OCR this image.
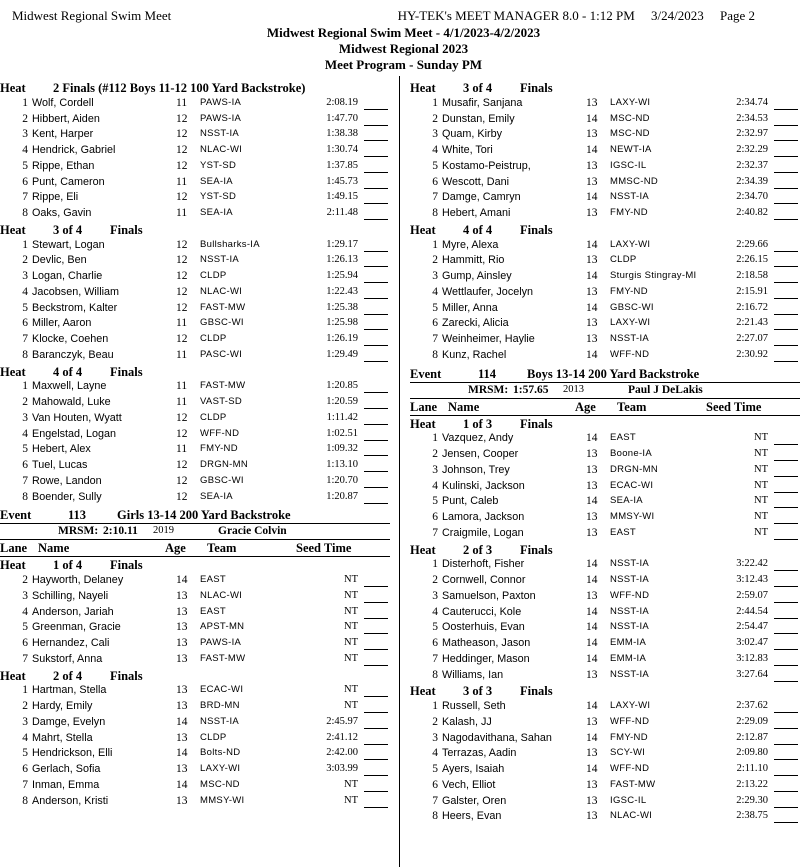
Midwest Regional Swim Meet	HY-TEK's MEET MANAGER 8.0 - 1:12 PM     3/24/2023     Page 2
Midwest Regional Swim Meet - 4/1/2023-4/2/2023
Midwest Regional 2023
Meet Program - Sunday PM
Heat 2 Finals (#112 Boys 11-12 100 Yard Backstroke)
1 Wolf, Cordell	11 PAWS-IA	2:08.19
2 Hibbert, Aiden	12 PAWS-IA	1:47.70
3 Kent, Harper	12 NSST-IA	1:38.38
4 Hendrick, Gabriel	12 NLAC-WI	1:30.74
5 Rippe, Ethan	12 YST-SD	1:37.85
6 Punt, Cameron	11 SEA-IA	1:45.73
7 Rippe, Eli	12 YST-SD	1:49.15
8 Oaks, Gavin	11 SEA-IA	2:11.48
Heat 3 of 4 Finals
1 Stewart, Logan	12 Bullsharks-IA	1:29.17
2 Devlic, Ben	12 NSST-IA	1:26.13
3 Logan, Charlie	12 CLDP	1:25.94
4 Jacobsen, William	12 NLAC-WI	1:22.43
5 Beckstrom, Kalter	12 FAST-MW	1:25.38
6 Miller, Aaron	11 GBSC-WI	1:25.98
7 Klocke, Coehen	12 CLDP	1:26.19
8 Barancz​yk, Beau	11 PASC-WI	1:29.49
Heat 4 of 4 Finals
1 Maxwell, Layne	11 FAST-MW	1:20.85
2 Mahowald, Luke	11 VAST-SD	1:20.59
3 Van Houten, Wyatt	12 CLDP	1:11.42
4 Engelstad, Logan	12 WFF-ND	1:02.51
5 Hebert, Alex	11 FMY-ND	1:09.32
6 Tuel, Lucas	12 DRGN-MN	1:13.10
7 Rowe, Landon	12 GBSC-WI	1:20.70
8 Boender, Sully	12 SEA-IA	1:20.87
Event	113 Girls 13-14 200 Yard Backstroke
MRSM: 2:10.11 2019	Gracie Colvin
Lane Name	Age Team	Seed Time
Heat 1 of 4 Finals
2 Hayworth, Delaney	14 EAST	NT
3 Schilling, Nayeli	13 NLAC-WI	NT
4 Anderson, Jariah	13 EAST	NT
5 Greenman, Gracie	13 APST-MN	NT
6 Hernandez, Cali	13 PAWS-IA	NT
7 Sukstorf, Anna	13 FAST-MW	NT
Heat 2 of 4 Finals
1 Hartman, Stella	13 ECAC-WI	NT
2 Hardy, Emily	13 BRD-MN	NT
3 Damge, Evelyn	14 NSST-IA	2:45.97
4 Mahrt, Stella	13 CLDP	2:41.12
5 Hendrickson, Elli	14 Bolts-ND	2:42.00
6 Gerlach, Sofia	13 LAXY-WI	3:03.99
7 Inman, Emma	14 MSC-ND	NT
8 Anderson, Kristi	13 MMSY-WI	NT
Heat 3 of 4 Finals
1 Musafir, Sanjana	13 LAXY-WI	2:34.74
2 Dunstan, Emily	14 MSC-ND	2:34.53
3 Quam, Kirby	13 MSC-ND	2:32.97
4 White, Tori	14 NEWT-IA	2:32.29
5 Kostamo-Peistrup,	13 IGSC-IL	2:32.37
6 Wescott, Dani	13 MMSC-ND	2:34.39
7 Damge, Camryn	14 NSST-IA	2:34.70
8 Hebert, Amani	13 FMY-ND	2:40.82
Heat 4 of 4 Finals
1 Myre, Alexa	14 LAXY-WI	2:29.66
2 Hammitt, Rio	13 CLDP	2:26.15
3 Gump, Ainsley	14 Sturgis Stingray-MI	2:18.58
4 Wettlaufer, Jocelyn	13 FMY-ND	2:15.91
5 Miller, Anna	14 GBSC-WI	2:16.72
6 Zarecki, Alicia	13 LAXY-WI	2:21.43
7 Weinheimer, Haylie	13 NSST-IA	2:27.07
8 Kunz, Rachel	14 WFF-ND	2:30.92
Event	114 Boys 13-14 200 Yard Backstroke
MRSM: 1:57.65 2013	Paul J DeLakis
Lane Name	Age Team	Seed Time
Heat 1 of 3 Finals
1 Vazquez, Andy	14 EAST	NT
2 Jensen, Cooper	13 Boone-IA	NT
3 Johnson, Trey	13 DRGN-MN	NT
4 Kulinski, Jackson	13 ECAC-WI	NT
5 Punt, Caleb	14 SEA-IA	NT
6 Lamora, Jackson	13 MMSY-WI	NT
7 Craigmile, Logan	13 EAST	NT
Heat 2 of 3 Finals
1 Disterhoft, Fisher	14 NSST-IA	3:22.42
2 Cornwell, Connor	14 NSST-IA	3:12.43
3 Samuelson, Paxton	13 WFF-ND	2:59.07
4 Cauterucci, Kole	14 NSST-IA	2:44.54
5 Oosterhuis, Evan	14 NSST-IA	2:54.47
6 Matheason, Jason	14 EMM-IA	3:02.47
7 Heddinger, Mason	14 EMM-IA	3:12.83
8 Williams, Ian	13 NSST-IA	3:27.64
Heat 3 of 3 Finals
1 Russell, Seth	14 LAXY-WI	2:37.62
2 Kalash, JJ	13 WFF-ND	2:29.09
3 Nagodavithana, Sahan	14 FMY-ND	2:12.87
4 Terrazas, Aadin	13 SCY-WI	2:09.80
5 Ayers, Isaiah	14 WFF-ND	2:11.10
6 Vech, Elliot	13 FAST-MW	2:13.22
7 Galster, Oren	13 IGSC-IL	2:29.30
8 Heers, Evan	13 NLAC-WI	2:38.75
